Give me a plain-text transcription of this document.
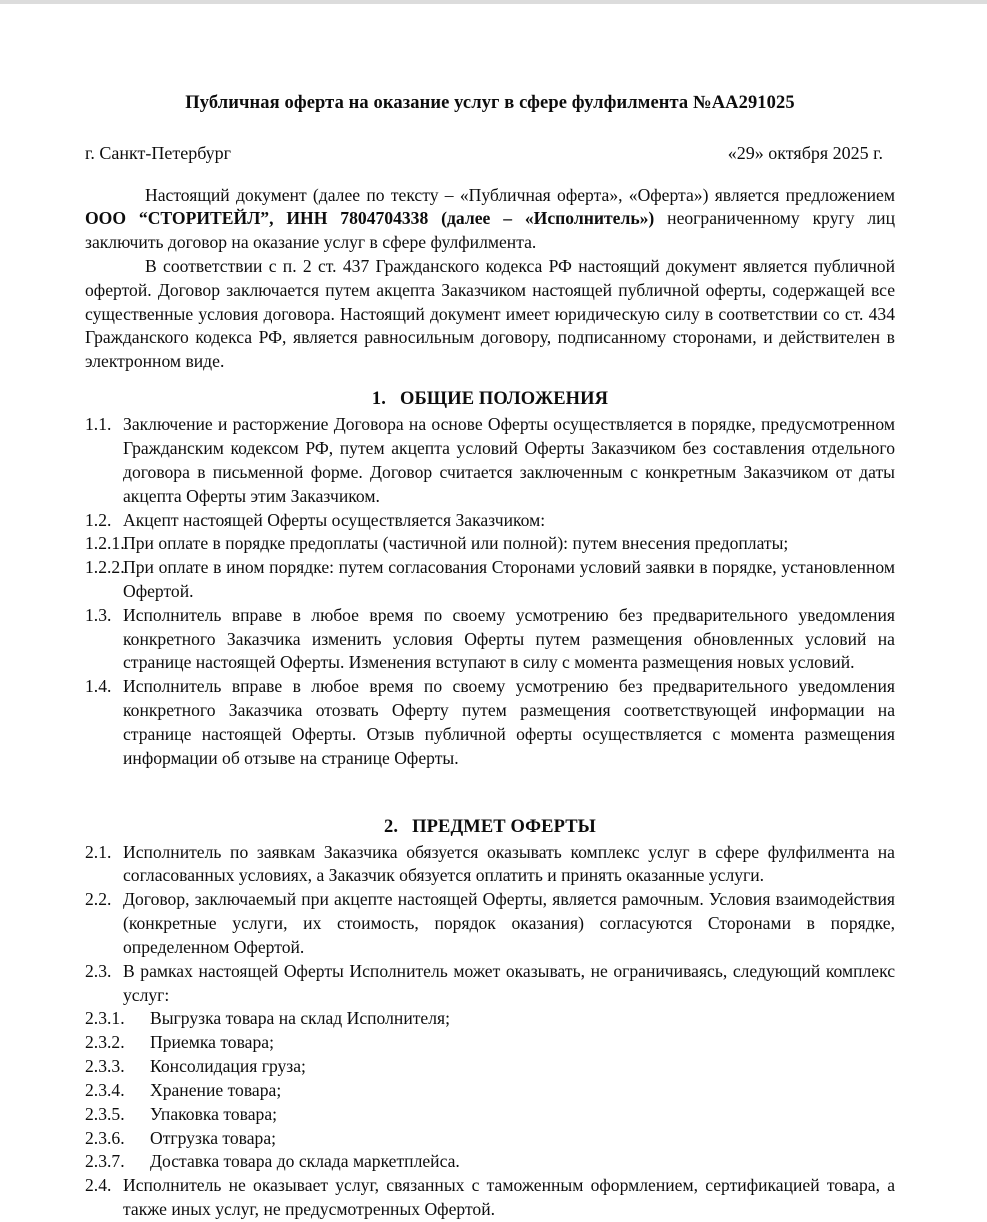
Публичная оферта на оказание услуг в сфере фулфилмента №АА291025
г. Санкт-Петербург	«29» октября 2025 г.

Настоящий документ (далее по тексту – «Публичная оферта», «Оферта») является предложением ООО “СТОРИТЕЙЛ”, ИНН 7804704338 (далее – «Исполнитель») неограниченному кругу лиц заключить договор на оказание услуг в сфере фулфилмента.

В соответствии с п. 2 ст. 437 Гражданского кодекса РФ настоящий документ является публичной офертой. Договор заключается путем акцепта Заказчиком настоящей публичной оферты, содержащей все существенные условия договора. Настоящий документ имеет юридическую силу в соответствии со ст. 434 Гражданского кодекса РФ, является равносильным договору, подписанному сторонами, и действителен в электронном виде.

1. ОБЩИЕ ПОЛОЖЕНИЯ

1.1. Заключение и расторжение Договора на основе Оферты осуществляется в порядке, предусмотренном Гражданским кодексом РФ, путем акцепта условий Оферты Заказчиком без составления отдельного договора в письменной форме. Договор считается заключенным с конкретным Заказчиком от даты акцепта Оферты этим Заказчиком.

1.2. Акцепт настоящей Оферты осуществляется Заказчиком:

1.2.1.
При оплате в порядке предоплаты (частичной или полной): путем внесения предоплаты;

1.2.2.
При оплате в ином порядке: путем согласования Сторонами условий заявки в порядке, установленном Офертой.

1.3. Исполнитель вправе в любое время по своему усмотрению без предварительного уведомления конкретного Заказчика изменить условия Оферты путем размещения обновленных условий на странице настоящей Оферты. Изменения вступают в силу с момента размещения новых условий.

1.4. Исполнитель вправе в любое время по своему усмотрению без предварительного уведомления конкретного Заказчика отозвать Оферту путем размещения соответствующей информации на странице настоящей Оферты. Отзыв публичной оферты осуществляется с момента размещения информации об отзыве на странице Оферты.

2. ПРЕДМЕТ ОФЕРТЫ

2.1. Исполнитель по заявкам Заказчика обязуется оказывать комплекс услуг в сфере фулфилмента на согласованных условиях, а Заказчик обязуется оплатить и принять оказанные услуги.

2.2. Договор, заключаемый при акцепте настоящей Оферты, является рамочным. Условия взаимодействия (конкретные услуги, их стоимость, порядок оказания) согласуются Сторонами в порядке, определенном Офертой.

2.3. В рамках настоящей Оферты Исполнитель может оказывать, не ограничиваясь, следующий комплекс услуг:

2.3.1. Выгрузка товара на склад Исполнителя;

2.3.2. Приемка товара;

2.3.3. Консолидация груза;

2.3.4. Хранение товара;

2.3.5. Упаковка товара;

2.3.6. Отгрузка товара;

2.3.7. Доставка товара до склада маркетплейса.

2.4. Исполнитель не оказывает услуг, связанных с таможенным оформлением, сертификацией товара, а также иных услуг, не предусмотренных Офертой.
